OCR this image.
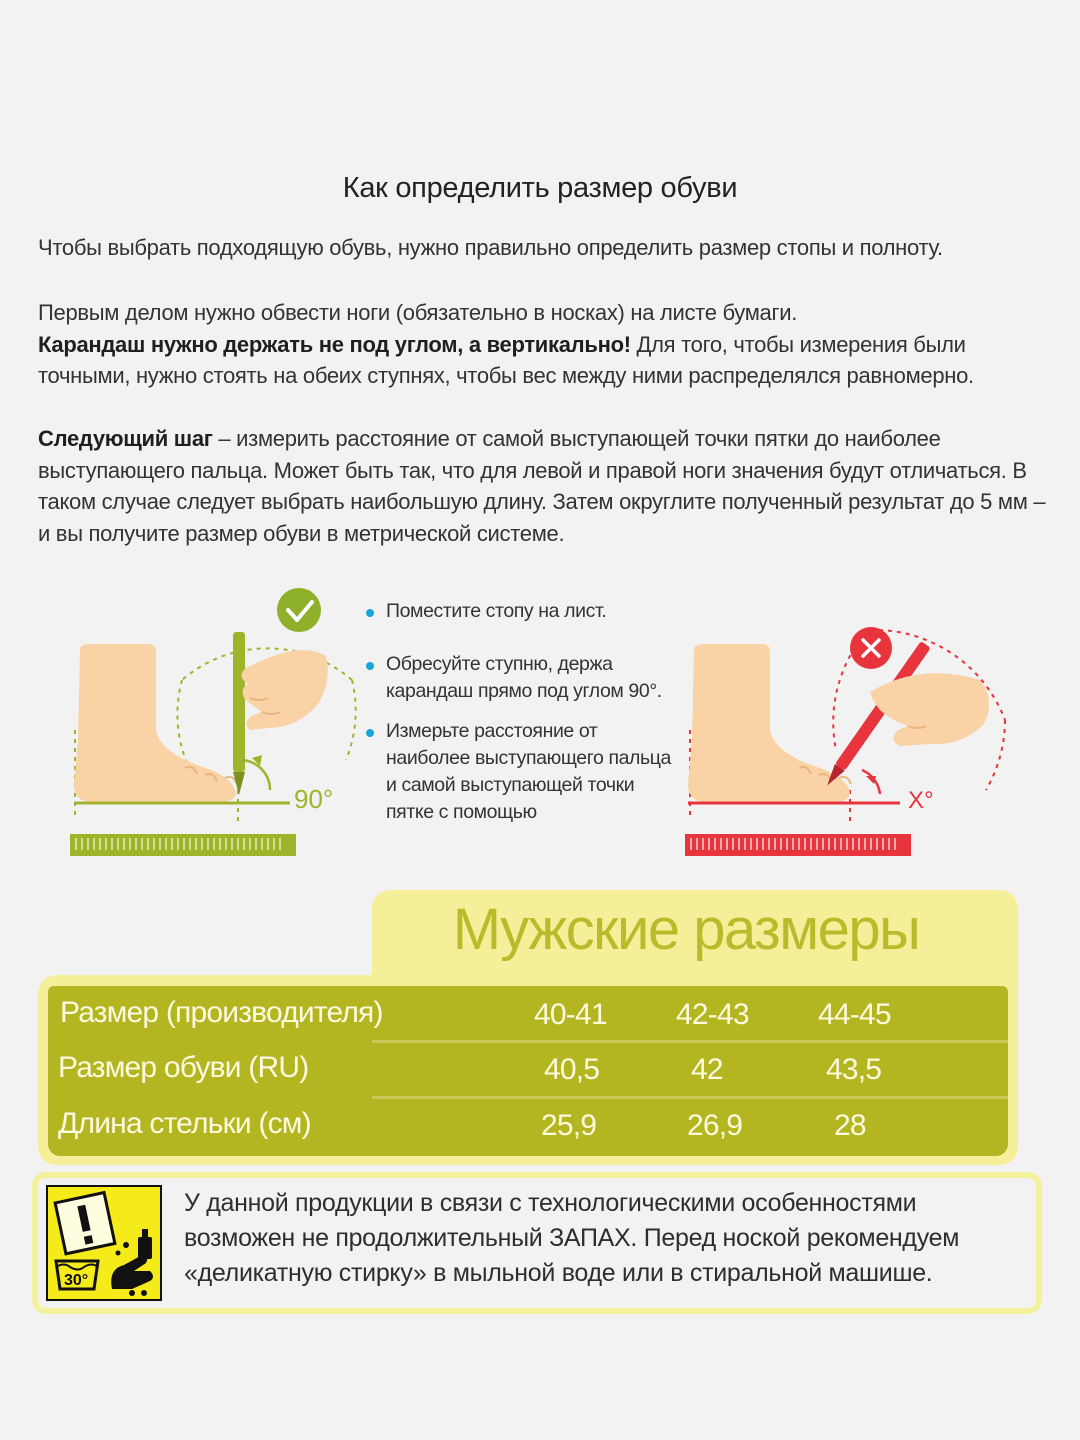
Как определить размер обуви
Чтобы выбрать подходящую обувь, нужно правильно определить размер стопы и полноту.
Первым делом нужно обвести ноги (обязательно в носках) на листе бумаги.
Карандаш нужно держать не под углом, а вертикально! Для того, чтобы измерения были точными, нужно стоять на обеих ступнях, чтобы вес между ними распределялся равномерно.
Следующий шаг – измерить расстояние от самой выступающей точки пятки до наиболее выступающего пальца. Может быть так, что для левой и правой ноги значения будут отличаться. В таком случае следует выбрать наибольшую длину. Затем округлите полученный результат до 5 мм – и вы получите размер обуви в метрической системе.
90°	X°
Поместите стопу на лист.
Обресуйте ступню, держа карандаш прямо под углом 90°.
Измерьте расстояние от наиболее выступающего пальца и самой выступающей точки пятке с помощью
Мужские размеры
Размер (производителя)	40-41 42-43 44-45
Размер обуви (RU)	40,5	42	43,5
Длина стельки (см)	25,9	26,9	28
30°
У данной продукции в связи с технологическими особенностями возможен не продолжительный ЗАПАХ. Перед ноской рекомендуем «деликатную стирку» в мыльной воде или в стиральной машише.
